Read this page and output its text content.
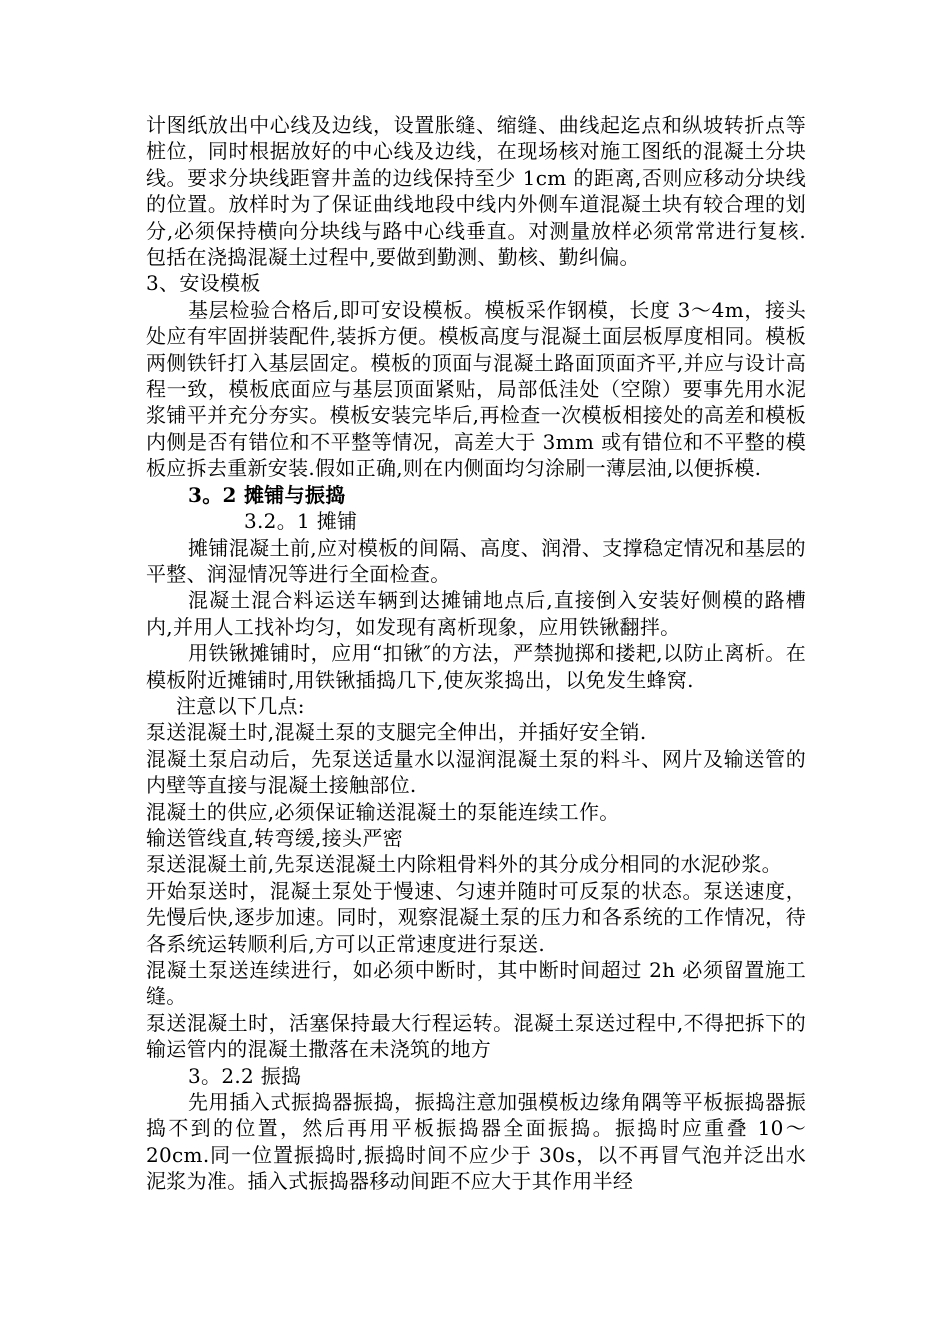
计图纸放出中心线及边线，设置胀缝、缩缝、曲线起迄点和纵坡转折点等桩位，同时根据放好的中心线及边线，在现场核对施工图纸的混凝土分块线。要求分块线距窨井盖的边线保持至少 1cm 的距离,否则应移动分块线的位置。放样时为了保证曲线地段中线内外侧车道混凝土块有较合理的划分,必须保持横向分块线与路中心线垂直。对测量放样必须常常进行复核.包括在浇捣混凝土过程中,要做到勤测、勤核、勤纠偏。

3、安设模板

基层检验合格后,即可安设模板。模板采作钢模，长度 3～4m，接头处应有牢固拼装配件,装拆方便。模板高度与混凝土面层板厚度相同。模板两侧铁钎打入基层固定。模板的顶面与混凝土路面顶面齐平,并应与设计高程一致，模板底面应与基层顶面紧贴，局部低洼处（空隙）要事先用水泥浆铺平并充分夯实。模板安装完毕后,再检查一次模板相接处的高差和模板内侧是否有错位和不平整等情况，高差大于 3mm 或有错位和不平整的模板应拆去重新安装.假如正确,则在内侧面均匀涂刷一薄层油,以便拆模.

3。2 摊铺与振捣

3.2。1 摊铺

摊铺混凝土前,应对模板的间隔、高度、润滑、支撑稳定情况和基层的平整、润湿情况等进行全面检查。

混凝土混合料运送车辆到达摊铺地点后,直接倒入安装好侧模的路槽内,并用人工找补均匀，如发现有离析现象，应用铁锹翻拌。

用铁锹摊铺时，应用“扣锹″的方法，严禁抛掷和搂耙,以防止离析。在模板附近摊铺时,用铁锹插捣几下,使灰浆捣出，以免发生蜂窝.

注意以下几点:

泵送混凝土时,混凝土泵的支腿完全伸出，并插好安全销.

混凝土泵启动后，先泵送适量水以湿润混凝土泵的料斗、网片及输送管的内壁等直接与混凝土接触部位.

混凝土的供应,必须保证输送混凝土的泵能连续工作。

输送管线直,转弯缓,接头严密

泵送混凝土前,先泵送混凝土内除粗骨料外的其分成分相同的水泥砂浆。

开始泵送时，混凝土泵处于慢速、匀速并随时可反泵的状态。泵送速度，先慢后快,逐步加速。同时，观察混凝土泵的压力和各系统的工作情况，待各系统运转顺利后,方可以正常速度进行泵送.

混凝土泵送连续进行，如必须中断时，其中断时间超过 2h 必须留置施工缝。

泵送混凝土时，活塞保持最大行程运转。混凝土泵送过程中,不得把拆下的输运管内的混凝土撒落在未浇筑的地方

3。2.2 振捣

先用插入式振捣器振捣，振捣注意加强模板边缘角隅等平板振捣器振捣不到的位置，然后再用平板振捣器全面振捣。振捣时应重叠 10～20cm.同一位置振捣时,振捣时间不应少于 30s，以不再冒气泡并泛出水泥浆为准。插入式振捣器移动间距不应大于其作用半经
